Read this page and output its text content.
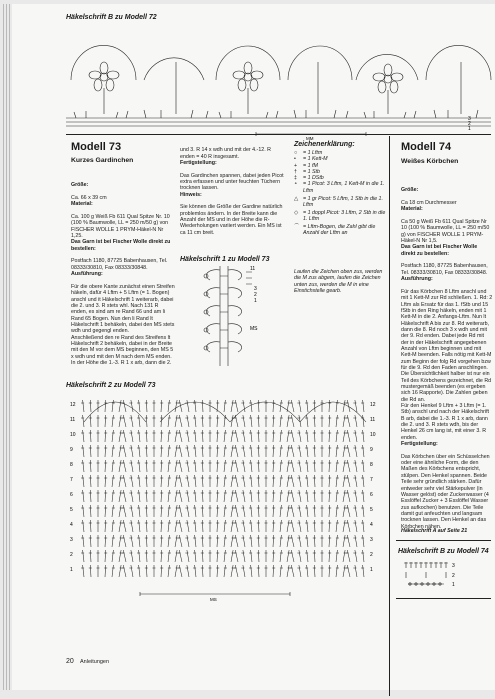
Häkelschrift B zu Modell 72

3
2
1
MM

Modell 73

Kurzes Gardinchen

Größe:

Ca. 66 x 39 cm

Material:

Ca. 100 g Weiß Fb 611 Qual Spitze Nr. 10 (100 % Baumwolle, LL = 250 m/50 g) von FISCHER WOLLE 1 PRYM-Häkel-N Nr 1,25.

Das Garn ist bei Fischer Wolle direkt zu bestellen:

Postfach 1180, 87725 Babenhausen, Tel. 08333/30810, Fax 08333/30848.

Ausführung:

Für die obere Kante zunächst einen Streifen häkeln, dafür 4 Lftm + 5 Lftm (= 1. Bogen) anschl und it Häkelschrift 1 weiterarb, dabei die 2. und 3. R stets whl. Nach 131 R enden, es sind am re Rand 66 und am li Rand 65 Bogen. Nun den li Rand lt Häkelschrift 1 behäkeln, dabei den MS stets wdh und gegengl enden.
Anschließend den re Rand des Streifens lt Häkelschrift 2 behäkeln, dabei in der Breite mit den M vor dem MS beginnen, den MS 5 x wdh und mit den M nach dem MS enden. In der Höhe die 1.-3. R 1 x arb, dann die 2.

und 3. R 14 x wdh und mit der 4.-12. R enden = 40 R insgesamt.

Fertigstellung:

Das Gardinchen spannen, dabei jeden Picot extra erfassen und unter feuchten Tüchern trocknen lassen.

Hinweis:

Sie können die Größe der Gardine natürlich problemlos ändern. In der Breite kann die Anzahl der MS und in der Höhe die R-Wiederholungen variiert werden. Ein MS ist ca 11 cm breit.

Häkelschrift 1 zu Modell 73

11
3
2
1
MS

Zeichenerklärung:

○	= 1 Lftm
•	= 1 Kett-M
+	= 1 fM
†	= 1 Stb
‡	= 1 DStb
∘	= 1 Picot: 3 Lftm, 1 Kett-M in die 1. Lftm
△ = 1 gr Picot: 5 Lftm, 1 Stb in die 1. Lftm
◇ = 1 doppl Picot: 3 Lftm, 2 Stb in die 1. Lftm
⌒ = Lftm-Bogen, die Zahl gibt die Anzahl der Lftm an
Laufen die Zeichen oben zus, werden die M zus abgem, laufen die Zeichen unten zus, werden die M in eine Einstichstelle gearb.

Häkelschrift 2 zu Modell 73

12	12
11	11
10	10
9	9
8	8
7	7
6	6
5	5
4	4
3	3
2	2
1	1
MS

Modell 74

Weißes Körbchen

Größe:

Ca 18 cm Durchmesser

Material:

Ca 50 g Weiß Fb 611 Qual Spitze Nr 10 (100 % Baumwolle, LL = 250 m/50 g) von FISCHER WOLLE 1 PRYM-Häkel-N Nr 1,5.

Das Garn ist bei Fischer Wolle direkt zu bestellen:

Postfach 1180, 87725 Babenhausen, Tel. 08333/30810, Fax 08333/30848.

Ausführung:

Für das Körbchen 8 Lftm anschl und mit 1 Kett-M zur Rd schließen. 1. Rd: 2 Lftm als Ersatz für das 1. fStb und 15 fStb in den Ring häkeln, enden mit 1 Kett-M in die 2. Anfangs-Lftm. Nun lt Häkelschrift A bis zur 8. Rd weiterarb, dann die 8. Rd noch 3 x wdh und mit der 9. Rd enden. Dabei jede Rd mit der in der Häkelschrift angegebenen Anzahl von Lftm beginnen und mit Kett-M beenden. Falls nötig mit Kett-M zum Beginn der folg Rd vorgehen bzw für die 9. Rd den Faden anschlingen. Die Übersichtlichkeit halber ist nur ein Teil des Körbchens gezeichnet, die Rd mustergemäß beenden (es ergeben sich 16 Rapporte). Die Zahlen geben die Rd an.
Für den Henkel 9 Lftm + 3 Lftm (= 1. Stb) anschl und nach der Häkelschrift B arb, dabei die 1.-3. R 1 x arb, dann die 2. und 3. R stets wdh, bis der Henkel 26 cm lang ist, mit einer 3. R enden.

Fertigstellung:

Das Körbchen über ein Schüsselchen oder eine ähnliche Form, die den Maßen des Körbchens entspricht, stülpen. Den Henkel spannen. Beide Teile sehr gründlich stärken. Dafür entweder sehr viel Stärkepulver (in Wasser gelöst) oder Zuckerwasser (4 Esslöffel Zucker + 3 Esslöffel Wasser zus aufkochen) benutzen. Die Teile damit gut anfeuchten und langsam trocknen lassen. Den Henkel an das Körbchen nähen.

Häkelschrift A auf Seite 21

Häkelschrift B zu Modell 74

3
2
1

20 Anleitungen
